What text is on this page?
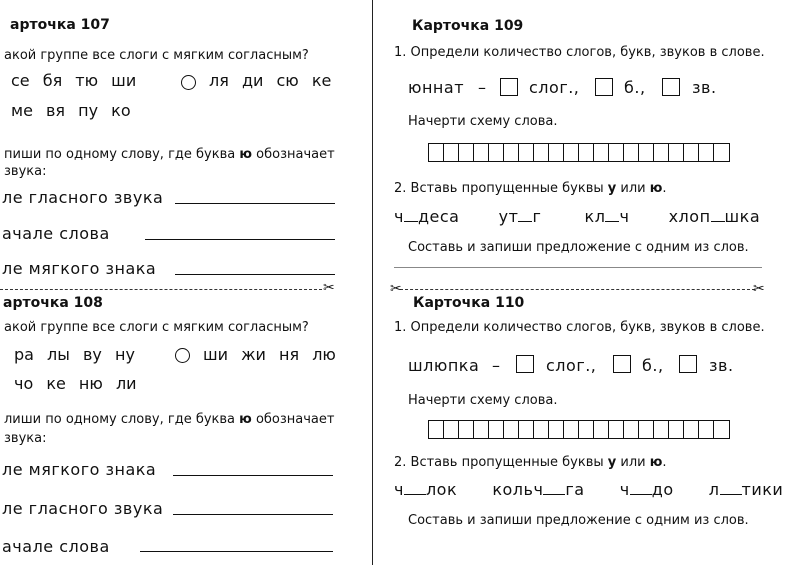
арточка 107
акой группе все слоги с мягким согласным?
се бя тю ши	ля ди сю ке
ме вя пу ко
пиши по одному слову, где буква ю обозначает
звука:
ле гласного звука
ачале слова
ле мягкого знака
✂
арточка 108
акой группе все слоги с мягким согласным?
ра лы ву ну	ши жи ня лю
чо ке ню ли
лиши по одному слову, где буква ю обозначает
звука:
ле мягкого знака
ле гласного звука
ачале слова
Карточка 109
1. Определи количество слогов, букв, звуков в слове.
юннат –	слог.,	б.,	зв.
Начерти схему слова.
2. Вставь пропущенные буквы у или ю.
ч деса ут г	кл ч хлоп шка
Составь и запиши предложение с одним из слов.
✂	✂
Карточка 110
1. Определи количество слогов, букв, звуков в слове.
шлюпка –	слог.,	б.,	зв.
Начерти схему слова.
2. Вставь пропущенные буквы у или ю.
ч лок кольч га ч до л тики
Составь и запиши предложение с одним из слов.
